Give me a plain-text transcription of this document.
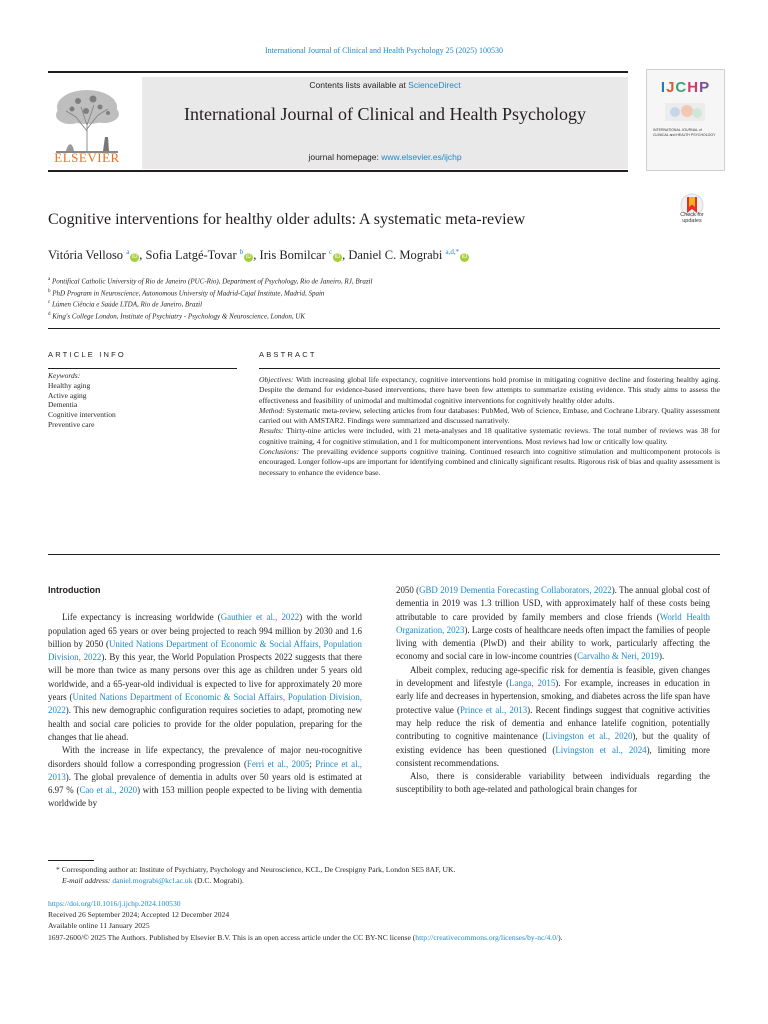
International Journal of Clinical and Health Psychology 25 (2025) 100530
Contents lists available at ScienceDirect
International Journal of Clinical and Health Psychology
journal homepage: www.elsevier.es/ijchp
ELSEVIER
IJCHP
INTERNATIONAL JOURNAL of CLINICAL and HEALTH PSYCHOLOGY
Cognitive interventions for healthy older adults: A systematic meta-review	Check for
updates
Vitória Velloso $^a$iD , Sofia Latgé-Tovar $^b$iD , Iris Bomilcar $^c$iD , Daniel C. Mograbi $^{a,d,*}$iD
$^a$ Pontifical Catholic University of Rio de Janeiro (PUC-Rio), Department of Psychology, Rio de Janeiro, RJ, Brazil
$^b$ PhD Program in Neuroscience, Autonomous University of Madrid-Cajal Institute, Madrid, Spain
$^c$ Lúmen Ciência e Saúde LTDA, Rio de Janeiro, Brazil
$^d$ King's College London, Institute of Psychiatry - Psychology & Neuroscience, London, UK
ARTICLE INFO
Keywords:
Healthy aging
Active aging
Dementia
Cognitive intervention
Preventive care
ABSTRACT

Objectives: With increasing global life expectancy, cognitive interventions hold promise in mitigating cognitive decline and fostering healthy aging. Despite the demand for evidence-based interventions, there have been few attempts to summarize existing evidence. This study aims to assess the effectiveness and feasibility of unimodal and multimodal cognitive interventions for cognitively healthy older adults.

Method: Systematic meta-review, selecting articles from four databases: PubMed, Web of Science, Embase, and Cochrane Library. Quality assessment carried out with AMSTAR2. Findings were summarized and discussed narratively.

Results: Thirty-nine articles were included, with 21 meta-analyses and 18 qualitative systematic reviews. The total number of reviews was 38 for cognitive training, 4 for cognitive stimulation, and 1 for multicomponent interventions. Most reviews had low or critically low quality.

Conclusions: The prevailing evidence supports cognitive training. Continued research into cognitive stimulation and multicomponent protocols is encouraged. Longer follow-ups are important for identifying combined and clinically significant results. Rigorous risk of bias and quality assessment is necessary to enhance the evidence base.

Introduction

Life expectancy is increasing worldwide (Gauthier et al., 2022) with the world population aged 65 years or over being projected to reach 994 million by 2030 and 1.6 billion by 2050 (United Nations Department of Economic & Social Affairs, Population Division, 2022). By this year, the World Population Prospects 2022 suggests that there will be more than twice as many persons over this age as children under 5 years old worldwide, and a 65-year-old individual is expected to live for approximately 20 more years (United Nations Department of Economic & Social Affairs, Population Division, 2022). This new demographic configuration requires societies to adapt, promoting new health and social care policies to provide for the older population, preparing for the changes that lie ahead.

With the increase in life expectancy, the prevalence of major neu-rocognitive disorders should follow a corresponding progression (Ferri et al., 2005; Prince et al., 2013). The global prevalence of dementia in adults over 50 years old is estimated at 6.97 % (Cao et al., 2020) with 153 million people expected to be living with dementia worldwide by

2050 (GBD 2019 Dementia Forecasting Collaborators, 2022). The annual global cost of dementia in 2019 was 1.3 trillion USD, with approximately half of these costs being attributable to care provided by family members and close friends (World Health Organization, 2023). Large costs of healthcare needs often impact the families of people living with dementia (PlwD) and their ability to work, particularly affecting the economy and social care in low-income countries (Carvalho & Neri, 2019).

Albeit complex, reducing age-specific risk for dementia is feasible, given changes in development and lifestyle (Langa, 2015). For example, increases in education in early life and decreases in hypertension, smoking, and diabetes across the life span have protective value (Prince et al., 2013). Recent findings suggest that cognitive activities may help reduce the risk of dementia and enhance latelife cognition, potentially contributing to cognitive maintenance (Livingston et al., 2020), but the quality of existing evidence has been questioned (Livingston et al., 2024), limiting more consistent recommendations.

Also, there is considerable variability between individuals regarding the susceptibility to both age-related and pathological brain changes for

* Corresponding author at: Institute of Psychiatry, Psychology and Neuroscience, KCL, De Crespigny Park, London SE5 8AF, UK.

E-mail address: daniel.mograbi@kcl.ac.uk (D.C. Mograbi).

https://doi.org/10.1016/j.ijchp.2024.100530

Received 26 September 2024; Accepted 12 December 2024

Available online 11 January 2025

1697-2600/© 2025 The Authors. Published by Elsevier B.V. This is an open access article under the CC BY-NC license (http://creativecommons.org/licenses/by-nc/4.0/).
